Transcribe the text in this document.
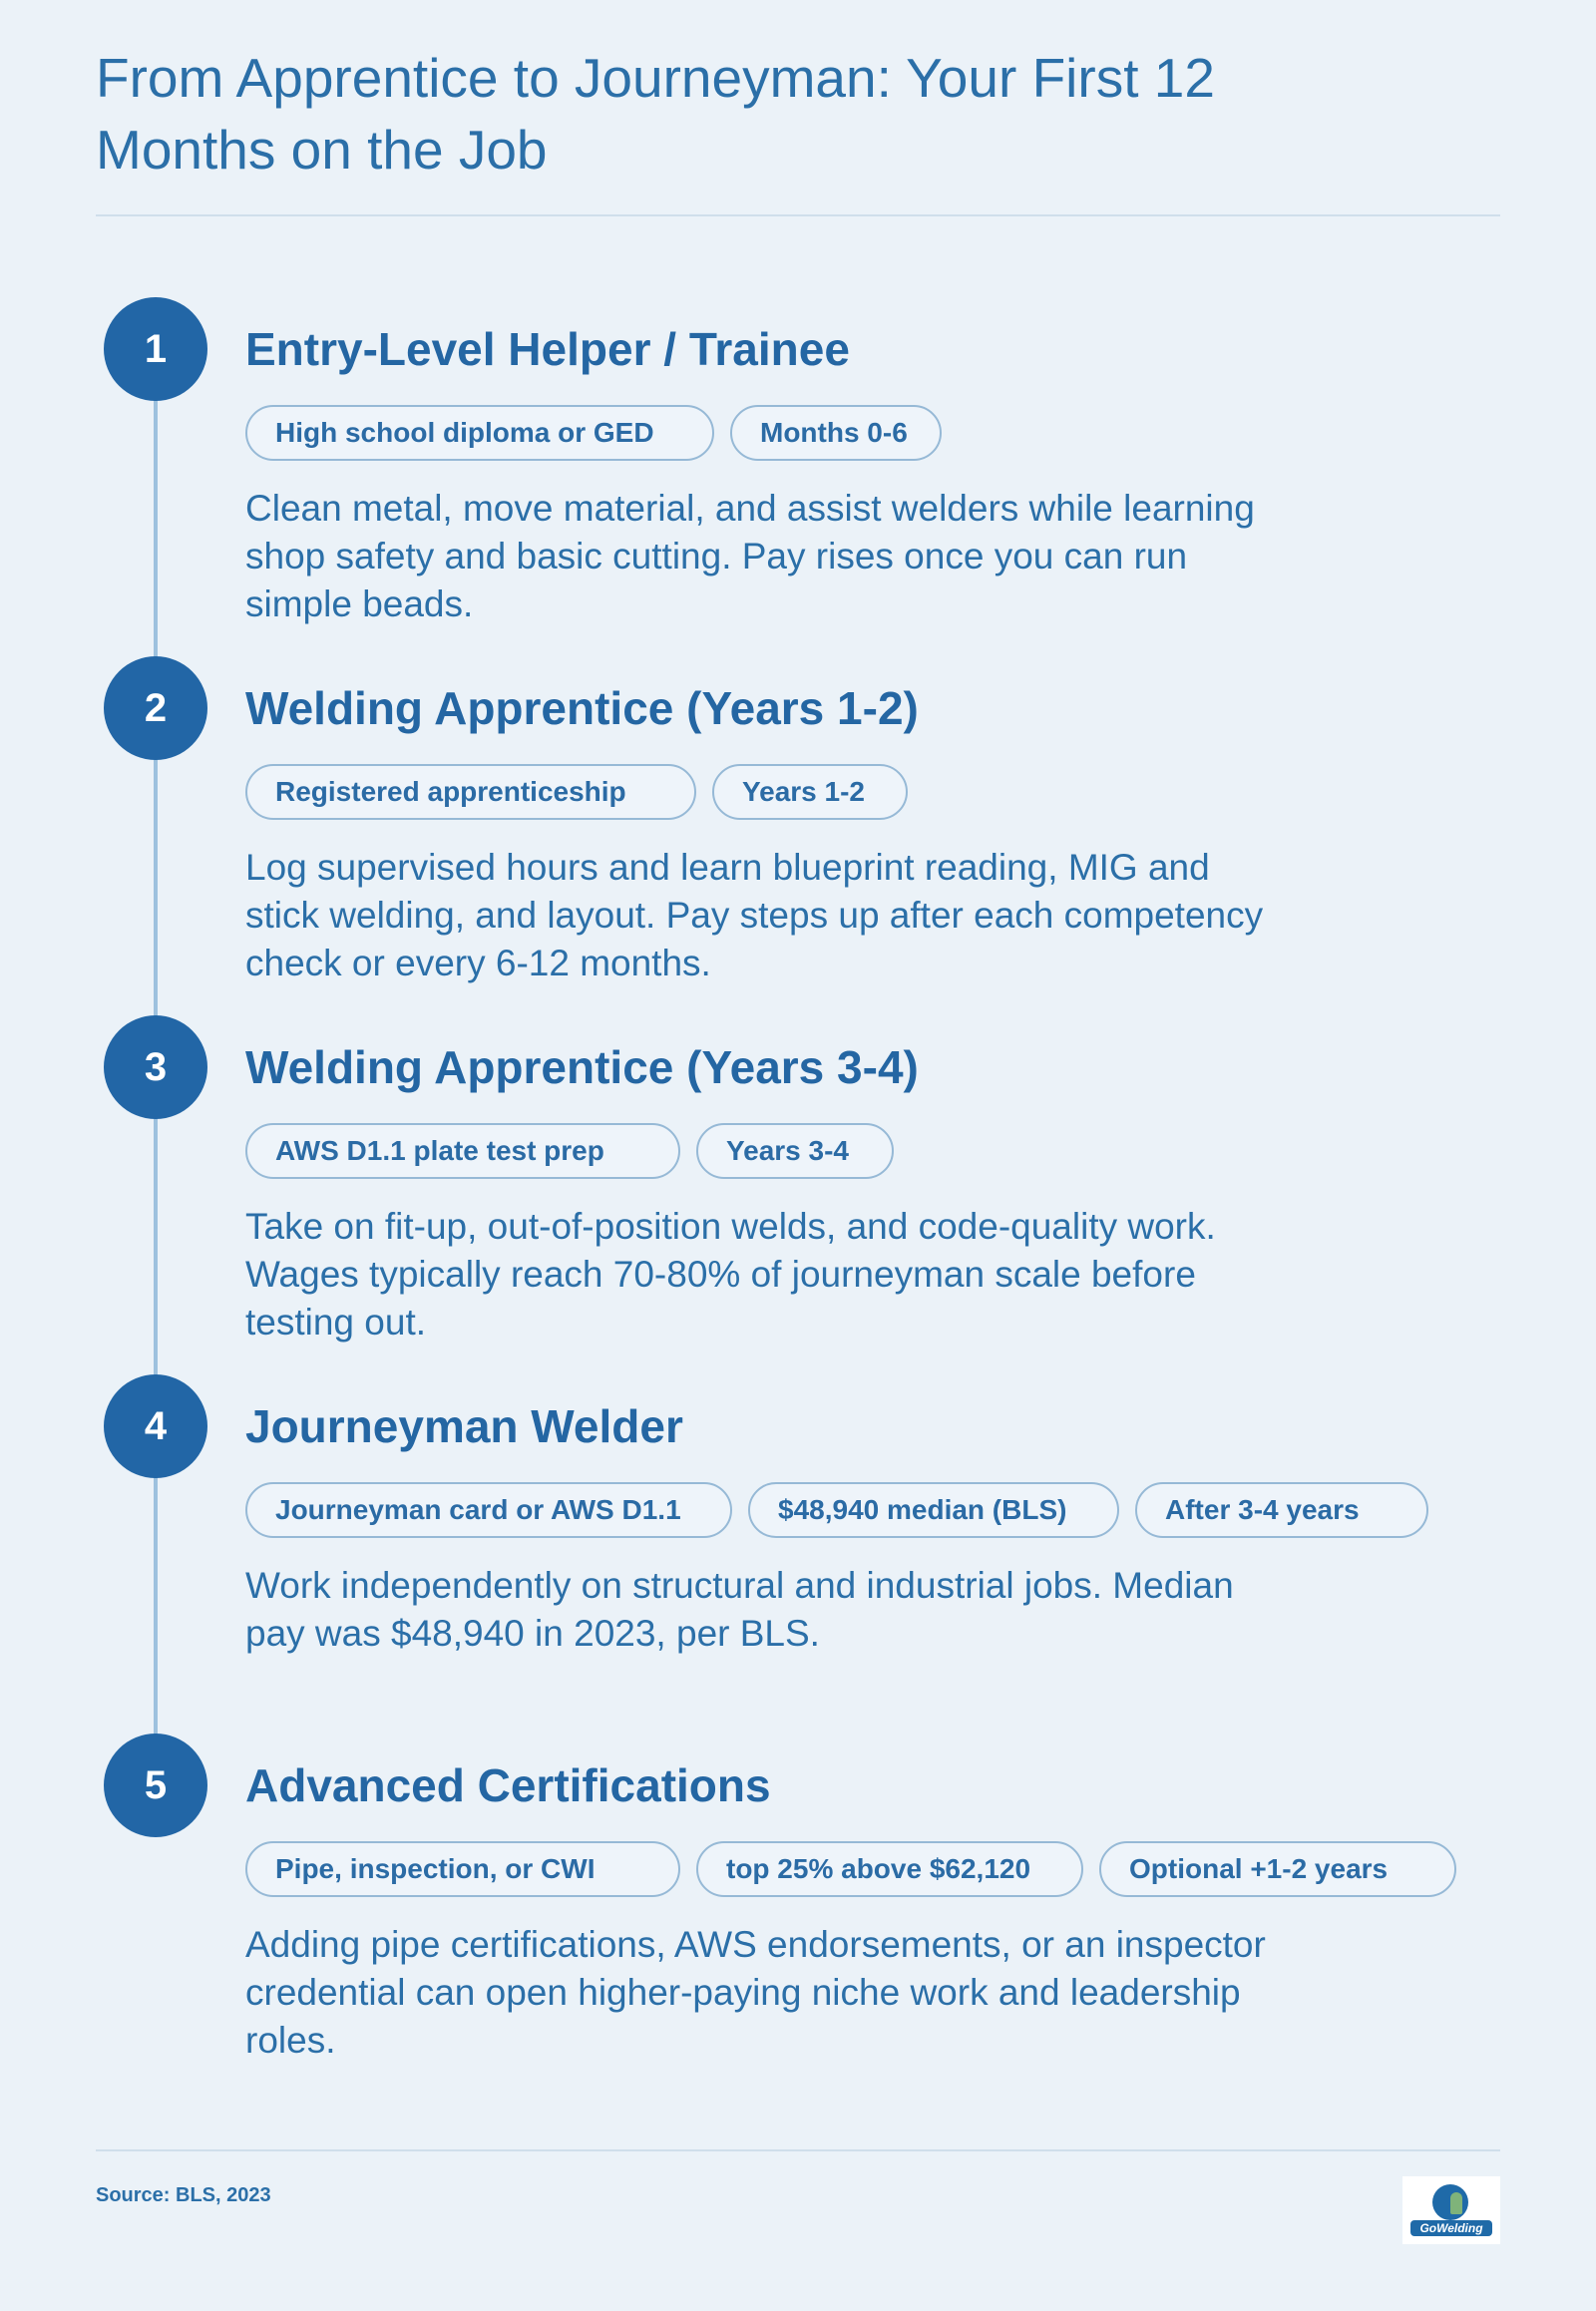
From Apprentice to Journeyman: Your First 12 Months on the Job
1	Entry-Level Helper / Trainee
High school diploma or GED	Months 0-6

Clean metal, move material, and assist welders while learning shop safety and basic cutting. Pay rises once you can run simple beads.

2	Welding Apprentice (Years 1-2)
Registered apprenticeship	Years 1-2

Log supervised hours and learn blueprint reading, MIG and stick welding, and layout. Pay steps up after each competency check or every 6-12 months.

3	Welding Apprentice (Years 3-4)
AWS D1.1 plate test prep	Years 3-4

Take on fit-up, out-of-position welds, and code-quality work. Wages typically reach 70-80% of journeyman scale before testing out.

4	Journeyman Welder
Journeyman card or AWS D1.1	$48,940 median (BLS)	After 3-4 years

Work independently on structural and industrial jobs. Median pay was $48,940 in 2023, per BLS.

5	Advanced Certifications
Pipe, inspection, or CWI	top 25% above $62,120	Optional +1-2 years

Adding pipe certifications, AWS endorsements, or an inspector credential can open higher-paying niche work and leadership roles.

Source: BLS, 2023
GoWelding
